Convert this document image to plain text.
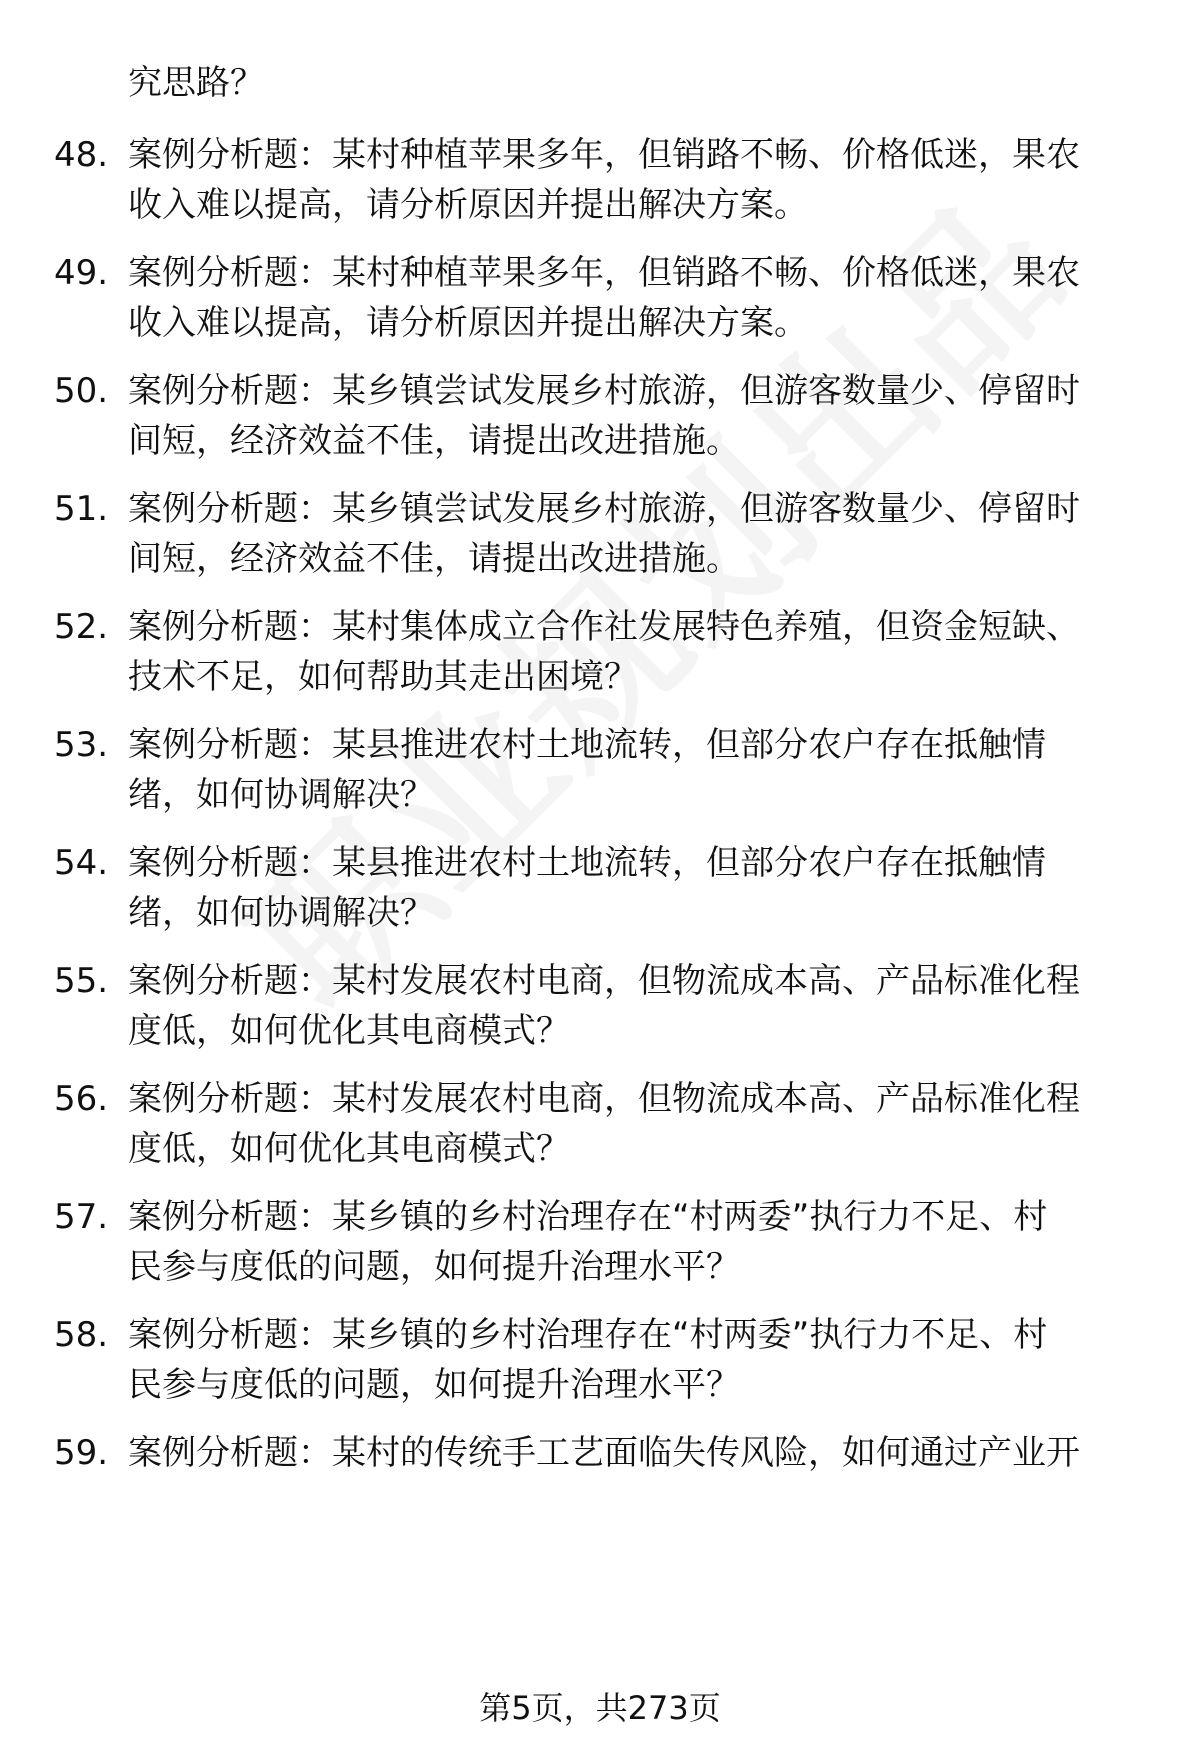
究思路？
48. 案例分析题：某村种植苹果多年，但销路不畅、价格低迷，果农
收入难以提高，请分析原因并提出解决方案。
49. 案例分析题：某村种植苹果多年，但销路不畅、价格低迷，果农
收入难以提高，请分析原因并提出解决方案。
50. 案例分析题：某乡镇尝试发展乡村旅游，但游客数量少、停留时
间短，经济效益不佳，请提出改进措施。
51. 案例分析题：某乡镇尝试发展乡村旅游，但游客数量少、停留时
间短，经济效益不佳，请提出改进措施。
52. 案例分析题：某村集体成立合作社发展特色养殖，但资金短缺、
技术不足，如何帮助其走出困境？
53. 案例分析题：某县推进农村土地流转，但部分农户存在抵触情
绪，如何协调解决？
54. 案例分析题：某县推进农村土地流转，但部分农户存在抵触情
绪，如何协调解决？
55. 案例分析题：某村发展农村电商，但物流成本高、产品标准化程
度低，如何优化其电商模式？
56. 案例分析题：某村发展农村电商，但物流成本高、产品标准化程
度低，如何优化其电商模式？
57. 案例分析题：某乡镇的乡村治理存在“村两委”执行力不足、村
民参与度低的问题，如何提升治理水平？
58. 案例分析题：某乡镇的乡村治理存在“村两委”执行力不足、村
民参与度低的问题，如何提升治理水平？
59. 案例分析题：某村的传统手工艺面临失传风险，如何通过产业开
第5页，共273页
